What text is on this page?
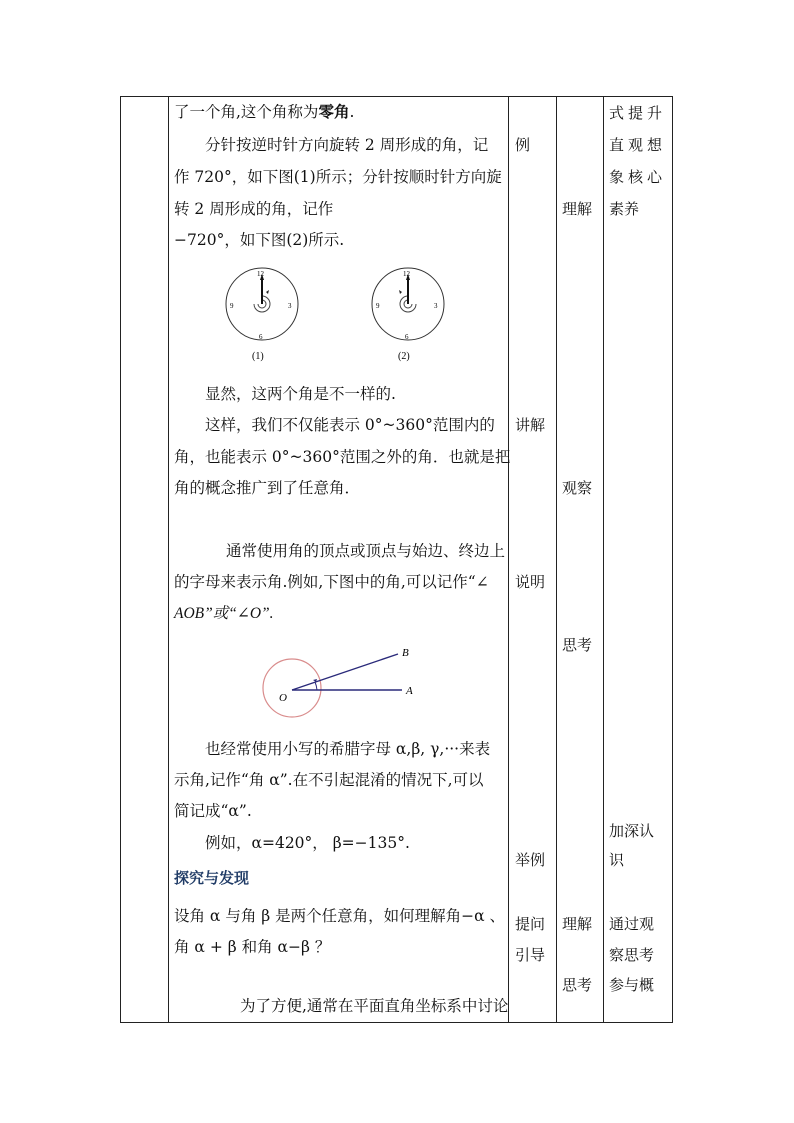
了一个角,这个角称为零角.
分针按逆时针方向旋转 2 周形成的角，记
作 720°，如下图(1)所示；分针按顺时针方向旋
转 2 周形成的角，记作
−720°，如下图(2)所示.
12
3
6
9
(1)
12
3
6
9
(2)
显然，这两个角是不一样的.
这样，我们不仅能表示 0°~360°范围内的
角，也能表示 0°~360°范围之外的角．也就是把
角的概念推广到了任意角．
通常使用角的顶点或顶点与始边、终边上
的字母来表示角.例如,下图中的角,可以记作“∠
AOB”或“∠O”.
B
A
O
也经常使用小写的希腊字母 α,β, γ,···来表
示角,记作“角 α”.在不引起混淆的情况下,可以
简记成“α”.
例如，α=420°， β=−135°.
探究与发现
设角 α 与角 β 是两个任意角，如何理解角−α 、
角 α + β 和角 α−β ？
为了方便,通常在平面直角坐标系中讨论
例
讲解
说明
举例
提问
引导
理解
观察
思考
理解
思考
式提升
直观想
象核心
素养
加深认
识
通过观
察思考
参与概
